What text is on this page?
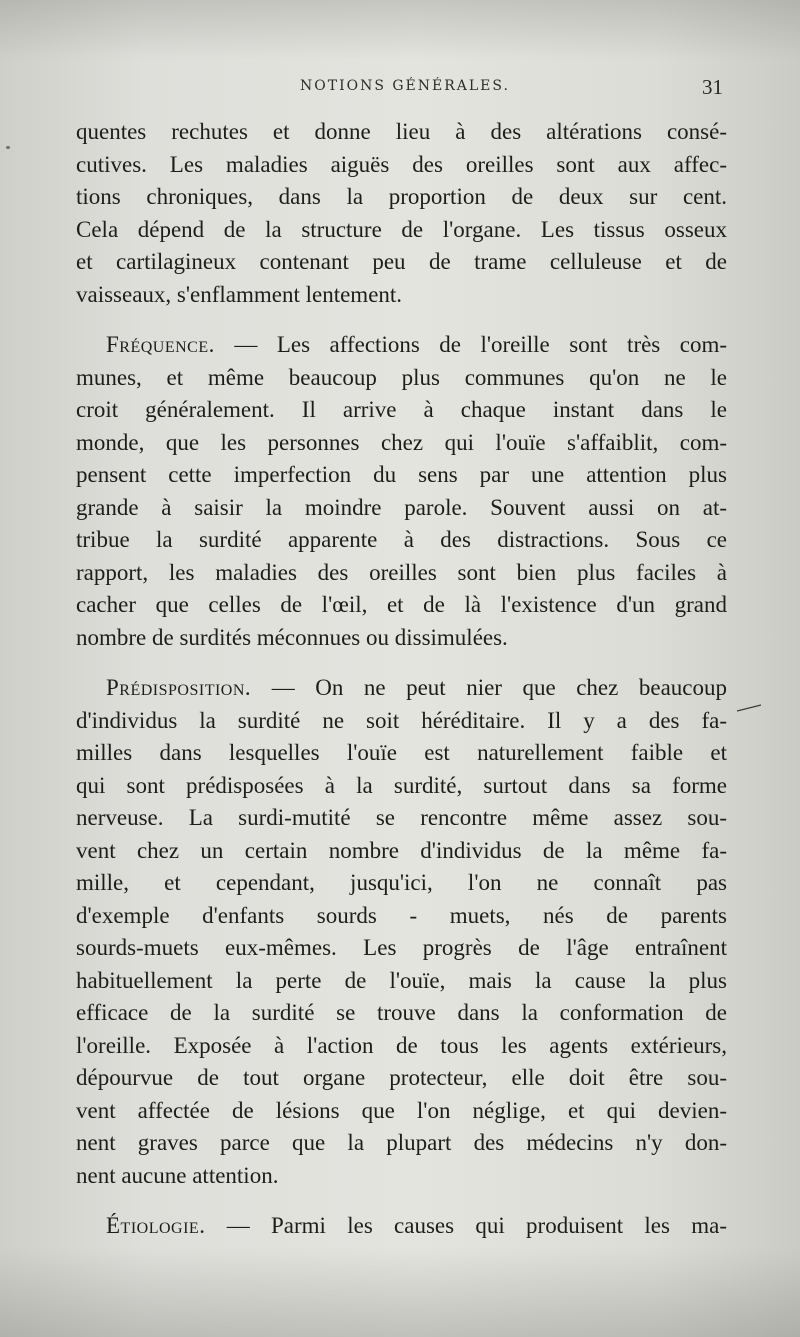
NOTIONS GÉNÉRALES.	31
quentes rechutes et donne lieu à des altérations consé-
cutives. Les maladies aiguës des oreilles sont aux affec-
tions chroniques, dans la proportion de deux sur cent.
Cela dépend de la structure de l'organe. Les tissus osseux
et cartilagineux contenant peu de trame celluleuse et de
vaisseaux, s'enflamment lentement.
Fréquence. — Les affections de l'oreille sont très com-
munes, et même beaucoup plus communes qu'on ne le
croit généralement. Il arrive à chaque instant dans le
monde, que les personnes chez qui l'ouïe s'affaiblit, com-
pensent cette imperfection du sens par une attention plus
grande à saisir la moindre parole. Souvent aussi on at-
tribue la surdité apparente à des distractions. Sous ce
rapport, les maladies des oreilles sont bien plus faciles à
cacher que celles de l'œil, et de là l'existence d'un grand
nombre de surdités méconnues ou dissimulées.
Prédisposition. — On ne peut nier que chez beaucoup
d'individus la surdité ne soit héréditaire. Il y a des fa-
milles dans lesquelles l'ouïe est naturellement faible et
qui sont prédisposées à la surdité, surtout dans sa forme
nerveuse. La surdi-mutité se rencontre même assez sou-
vent chez un certain nombre d'individus de la même fa-
mille, et cependant, jusqu'ici, l'on ne connaît pas
d'exemple d'enfants sourds - muets, nés de parents
sourds-muets eux-mêmes. Les progrès de l'âge entraînent
habituellement la perte de l'ouïe, mais la cause la plus
efficace de la surdité se trouve dans la conformation de
l'oreille. Exposée à l'action de tous les agents extérieurs,
dépourvue de tout organe protecteur, elle doit être sou-
vent affectée de lésions que l'on néglige, et qui devien-
nent graves parce que la plupart des médecins n'y don-
nent aucune attention.
Étiologie. — Parmi les causes qui produisent les ma-
